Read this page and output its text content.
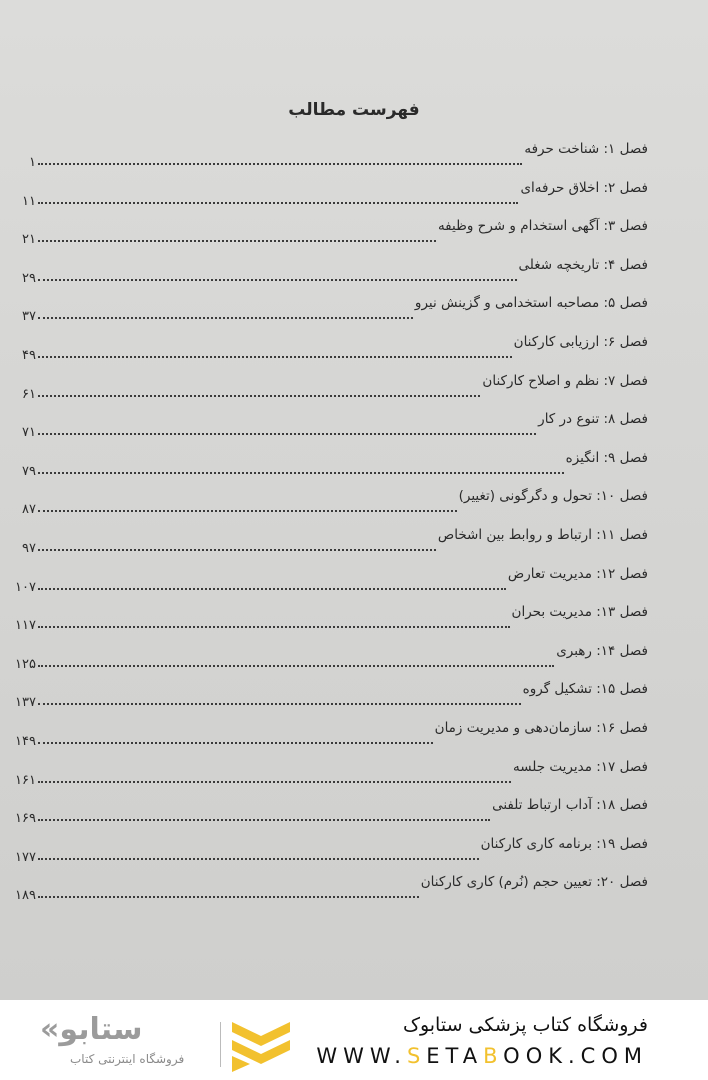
فهرست مطالب
فصل ۱: شناخت حرفه
۱
فصل ۲: اخلاق حرفه‌ای
۱۱
فصل ۳: آگهی استخدام و شرح وظیفه
۲۱
فصل ۴: تاریخچه شغلی
۲۹
فصل ۵: مصاحبه استخدامی و گزینش نیرو
۳۷
فصل ۶: ارزیابی کارکنان
۴۹
فصل ۷: نظم و اصلاح کارکنان
۶۱
فصل ۸: تنوع در کار
۷۱
فصل ۹: انگیزه
۷۹
فصل ۱۰: تحول و دگرگونی (تغییر)
۸۷
فصل ۱۱: ارتباط و روابط بین اشخاص
۹۷
فصل ۱۲: مدیریت تعارض
۱۰۷
فصل ۱۳: مدیریت بحران
۱۱۷
فصل ۱۴: رهبری
۱۲۵
فصل ۱۵: تشکیل گروه
۱۳۷
فصل ۱۶: سازمان‌دهی و مدیریت زمان
۱۴۹
فصل ۱۷: مدیریت جلسه
۱۶۱
فصل ۱۸: آداب ارتباط تلفنی
۱۶۹
فصل ۱۹: برنامه کاری کارکنان
۱۷۷
فصل ۲۰: تعیین حجم (نُرم) کاری کارکنان
۱۸۹
«ستابو
فروشگاه اینترنتی کتاب
فروشگاه کتاب پزشکی ستابوک
WWW.SETABOOK.COM
